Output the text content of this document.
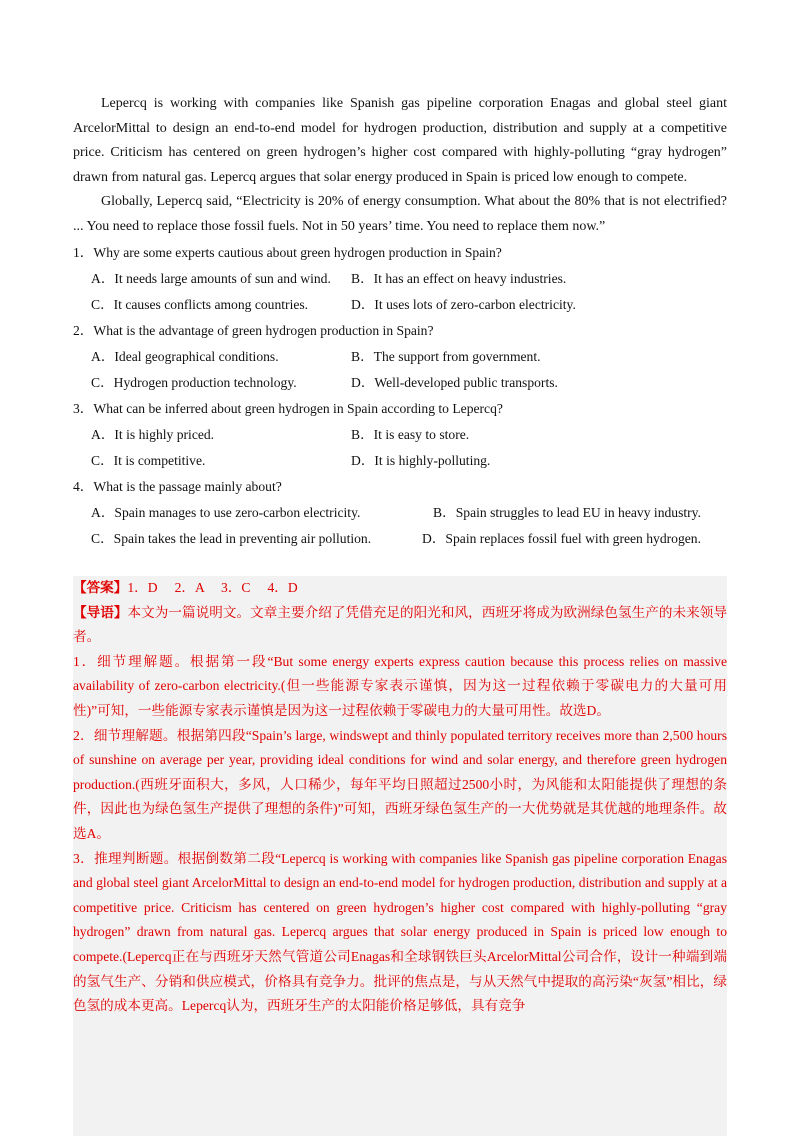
Lepercq is working with companies like Spanish gas pipeline corporation Enagas and global steel giant ArcelorMittal to design an end-to-end model for hydrogen production, distribution and supply at a competitive price. Criticism has centered on green hydrogen’s higher cost compared with highly-polluting “gray hydrogen” drawn from natural gas. Lepercq argues that solar energy produced in Spain is priced low enough to compete.

Globally, Lepercq said, “Electricity is 20% of energy consumption. What about the 80% that is not electrified? ... You need to replace those fossil fuels. Not in 50 years’ time. You need to replace them now.”

1．Why are some experts cautious about green hydrogen production in Spain?

A．It needs large amounts of sun and wind.	B．It has an effect on heavy industries.
C．It causes conflicts among countries.	D．It uses lots of zero-carbon electricity.

2．What is the advantage of green hydrogen production in Spain?

A．Ideal geographical conditions.	B．The support from government.
C．Hydrogen production technology.	D．Well-developed public transports.

3．What can be inferred about green hydrogen in Spain according to Lepercq?

A．It is highly priced.	B．It is easy to store.
C．It is competitive.	D．It is highly-polluting.

4．What is the passage mainly about?

A．Spain manages to use zero-carbon electricity.	B．Spain struggles to lead EU in heavy industry.
C．Spain takes the lead in preventing air pollution.	D．Spain replaces fossil fuel with green hydrogen.

【答案】1．D　 2．A　 3．C　 4．D

【导语】本文为一篇说明文。文章主要介绍了凭借充足的阳光和风，西班牙将成为欧洲绿色氢生产的未来领导者。

1．细节理解题。根据第一段“But some energy experts express caution because this process relies on massive availability of zero-carbon electricity.(但一些能源专家表示谨慎，因为这一过程依赖于零碳电力的大量可用性)”可知，一些能源专家表示谨慎是因为这一过程依赖于零碳电力的大量可用性。故选D。

2．细节理解题。根据第四段“Spain’s large, windswept and thinly populated territory receives more than 2,500 hours of sunshine on average per year, providing ideal conditions for wind and solar energy, and therefore green hydrogen production.(西班牙面积大，多风，人口稀少，每年平均日照超过2500小时，为风能和太阳能提供了理想的条件，因此也为绿色氢生产提供了理想的条件)”可知，西班牙绿色氢生产的一大优势就是其优越的地理条件。故选A。

3．推理判断题。根据倒数第二段“Lepercq is working with companies like Spanish gas pipeline corporation Enagas and global steel giant ArcelorMittal to design an end-to-end model for hydrogen production, distribution and supply at a competitive price. Criticism has centered on green hydrogen’s higher cost compared with highly-polluting “gray hydrogen” drawn from natural gas. Lepercq argues that solar energy produced in Spain is priced low enough to compete.(Lepercq正在与西班牙天然气管道公司Enagas和全球钢铁巨头ArcelorMittal公司合作，设计一种端到端的氢气生产、分销和供应模式，价格具有竞争力。批评的焦点是，与从天然气中提取的高污染“灰氢”相比，绿色氢的成本更高。Lepercq认为，西班牙生产的太阳能价格足够低，具有竞争
